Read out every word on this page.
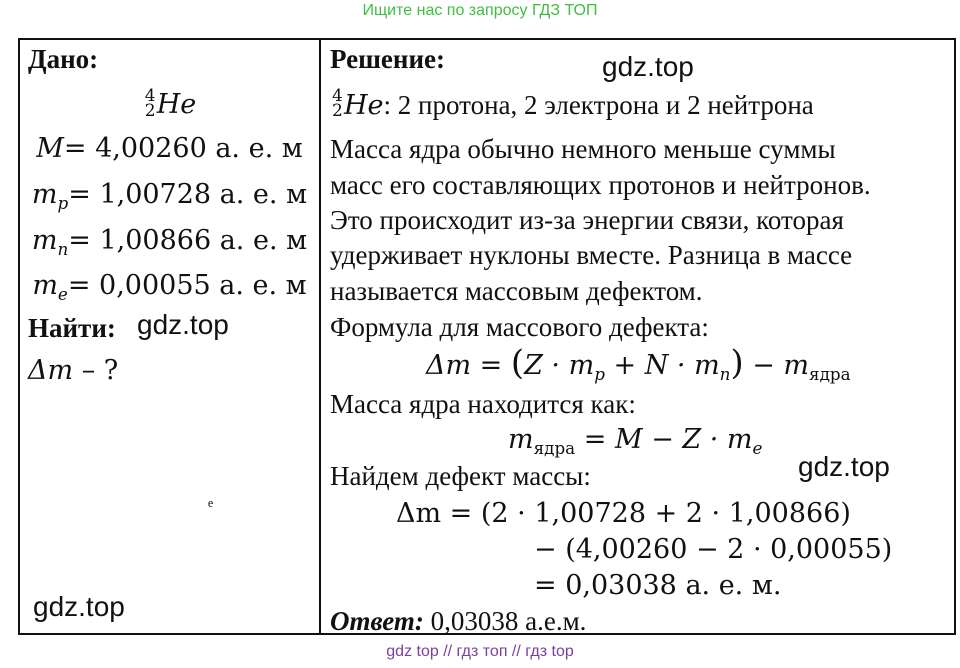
Ищите нас по запросу ГДЗ ТОП
Дано:
4
2 He
M= 4,00260 а. е. м
$m_p= 1,00728$ а. е. м
$m_n= 1,00866$ а. е. м
$m_e= 0,00055$ а. е. м
Найти:
Δm – ?
ₑ
Решение:
4
2 He: 2 протона, 2 электрона и 2 нейтрона
Масса ядра обычно немного меньше суммы
масс его составляющих протонов и нейтронов.
Это происходит из-за энергии связи, которая
удерживает нуклоны вместе. Разница в массе
называется массовым дефектом.
Формула для массового дефекта:
$\Delta m = (Z \cdot m_p + N \cdot m_n) - m_{ядра}$
Масса ядра находится как:
$m_{ядра} = M - Z \cdot m_e$
Найдем дефект массы:
Δm = (2 · 1,00728 + 2 · 1,00866)
− (4,00260 − 2 · 0,00055)
= 0,03038 а. е. м.
Ответ: 0,03038 а.е.м.
gdz.top
gdz.top
gdz.top
gdz.top
gdz top // гдз топ // гдз top
